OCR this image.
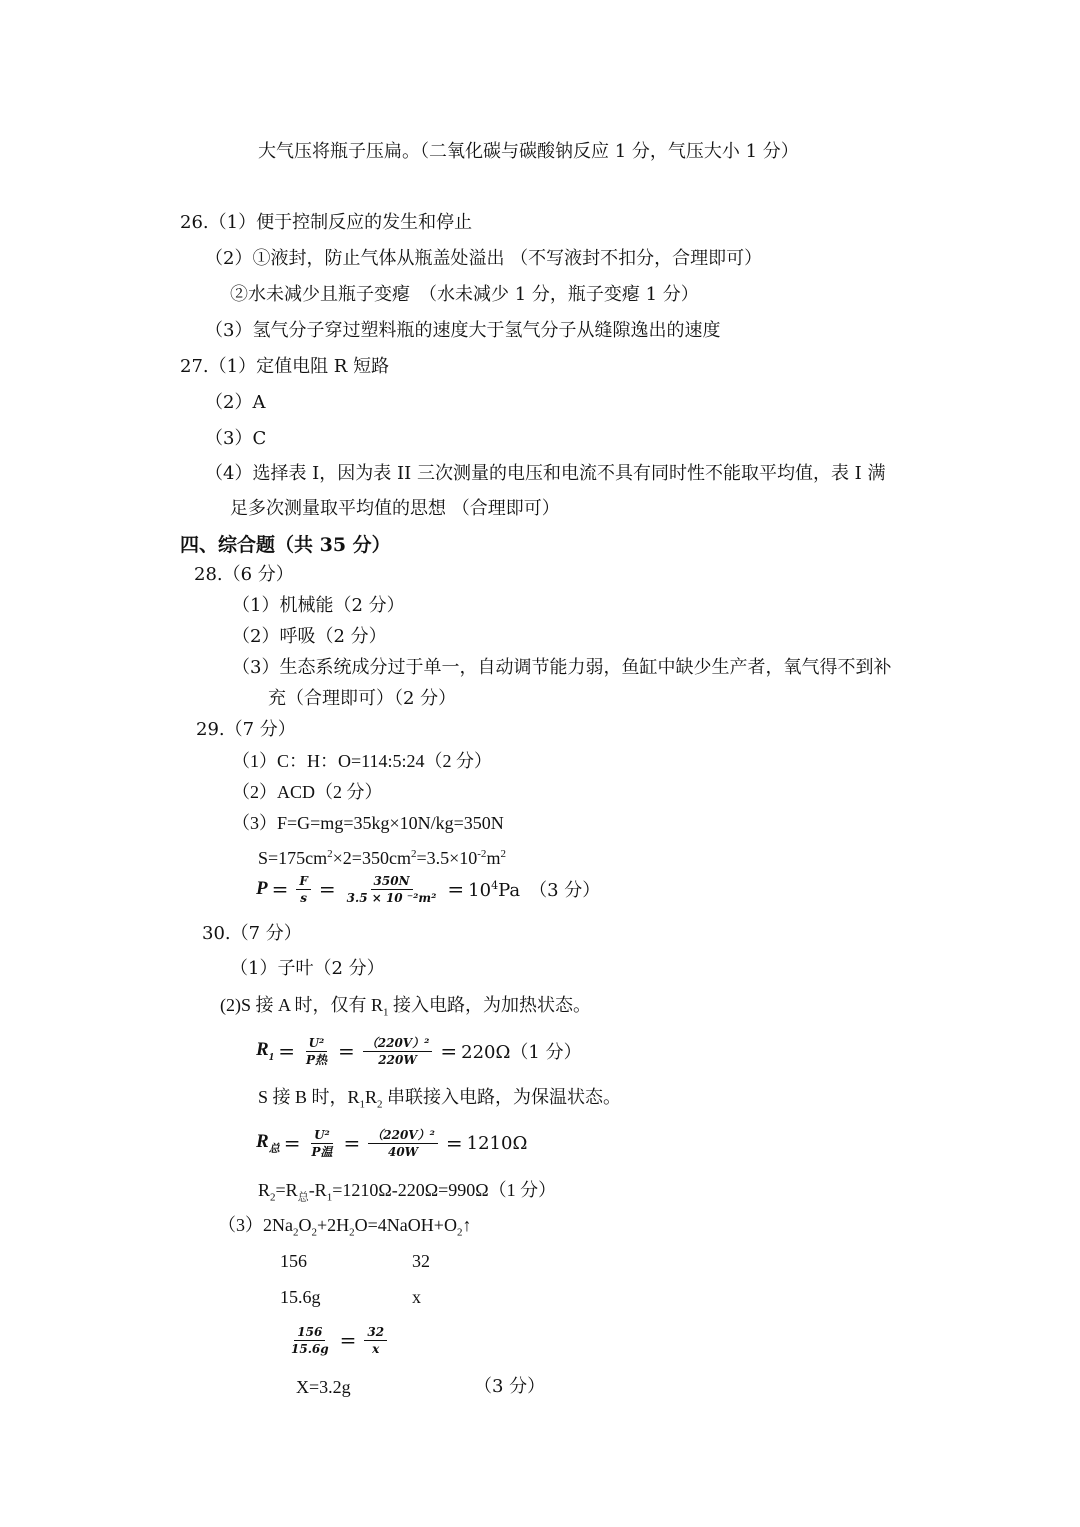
大气压将瓶子压扁。（二氧化碳与碳酸钠反应 1 分，气压大小 1 分）
26.（1）便于控制反应的发生和停止
（2）①液封，防止气体从瓶盖处溢出 （不写液封不扣分，合理即可）
②水未减少且瓶子变瘪　（水未减少 1 分，瓶子变瘪 1 分）
（3）氢气分子穿过塑料瓶的速度大于氢气分子从缝隙逸出的速度
27.（1）定值电阻 R 短路
（2）A
（3）C
（4）选择表 I，因为表 II 三次测量的电压和电流不具有同时性不能取平均值，表 I 满
足多次测量取平均值的思想 （合理即可）
四、综合题（共 35 分）
28.（6 分）
（1）机械能（2 分）
（2）呼吸（2 分）
（3）生态系统成分过于单一，自动调节能力弱，鱼缸中缺少生产者，氧气得不到补
充（合理即可）（2 分）
29.（7 分）
（1）C：H：O=114:5:24（2 分）
（2）ACD（2 分）
（3）F=G=mg=35kg×10N/kg=350N
$S=175cm^2\times 2=350cm^2=3.5\times 10^{-2}m^2$
$P = \frac{F}{s} = \frac{350N}{\text{3.5 × 10 ⁻²m²}} = 10^4Pa$　（3 分）
30.（7 分）
（1）子叶（2 分）
(2)S 接 A 时，仅有 $R_1$ 接入电路，为加热状态。
$R_1 = \frac{\text{U²}}{\text{P热}} = \frac{\text{（220V）²}}{220W} = 220\Omega(1$ 分）
S 接 B 时，$R_1R_2$ 串联接入电路，为保温状态。
$R_总 = \frac{\text{U²}}{\text{P温}} = \frac{\text{（220V）²}}{40W} = 1210\Omega$
$R_2=R_总-R_1=1210\Omega-220\Omega=990\Omega(1$ 分）
$(3)2Na_2O_2+2H_2O=4NaOH+O_2↑$
156	32
15.6g	x
$\frac{156}{15.6g} = \frac{32}{x}$
X=3.2g	（3 分）
